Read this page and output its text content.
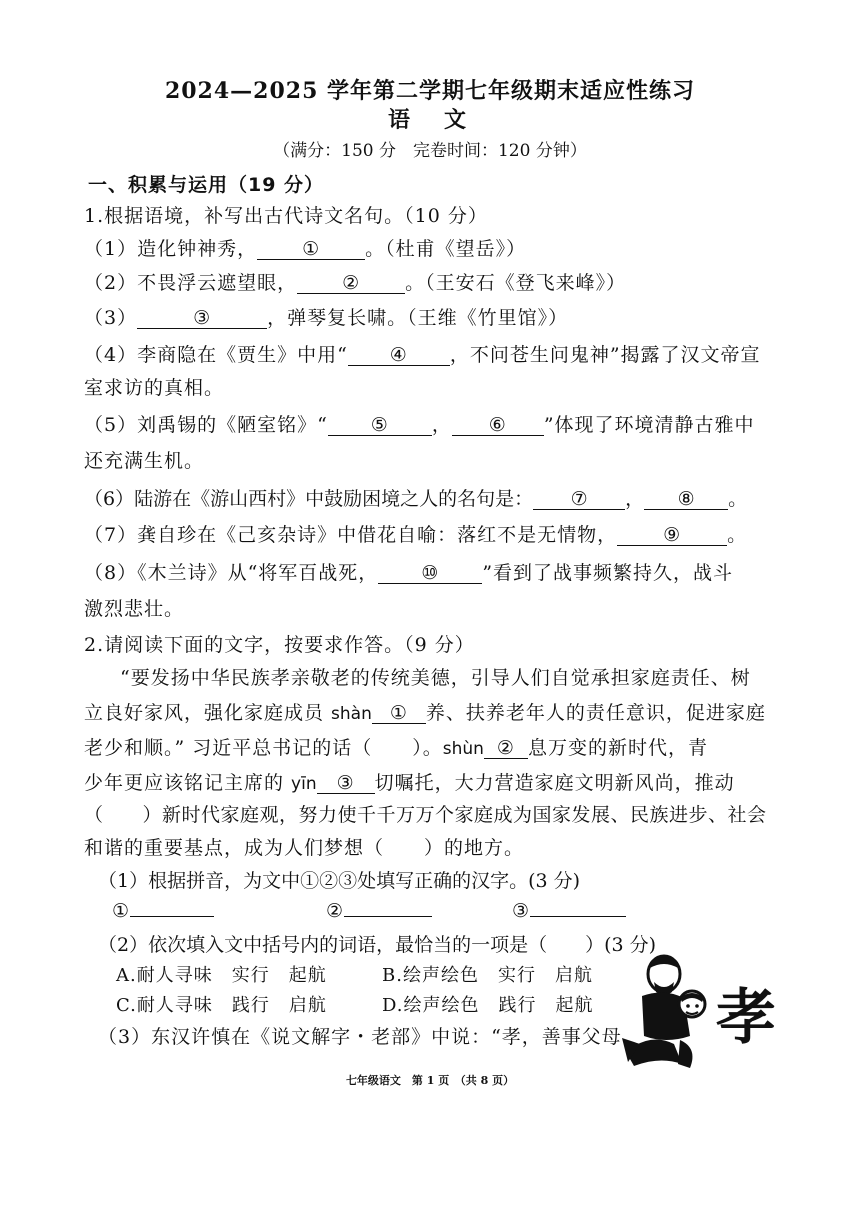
2024—2025 学年第二学期七年级期末适应性练习
语　文
（满分：150 分　完卷时间：120 分钟）
一、积累与运用（19 分）
1.根据语境，补写出古代诗文名句。（10 分）
（1）造化钟神秀， ① 。（杜甫《望岳》）
（2）不畏浮云遮望眼， ② 。（王安石《登飞来峰》）
（3）	③	，弹琴复长啸。（王维《竹里馆》）
（4）李商隐在《贾生》中用“ ④ ，不问苍生问鬼神”揭露了汉文帝宣
室求访的真相。
（5）刘禹锡的《陋室铭》“ ⑤ ， ⑥ ”体现了环境清静古雅中
还充满生机。
（6）陆游在《游山西村》中鼓励困境之人的名句是： ⑦ ， ⑧ 。
（7）龚自珍在《己亥杂诗》中借花自喻：落红不是无情物， ⑨ 。
（8）《木兰诗》从“将军百战死， ⑩ ”看到了战事频繁持久，战斗
激烈悲壮。
2.请阅读下面的文字，按要求作答。（9 分）
“要发扬中华民族孝亲敬老的传统美德，引导人们自觉承担家庭责任、树
立良好家风，强化家庭成员 shàn ① 养、扶养老年人的责任意识，促进家庭
老少和顺。” 习近平总书记的话（　　）。shùn ② 息万变的新时代，青
少年更应该铭记主席的 yīn ③ 切嘱托，大力营造家庭文明新风尚，推动
（　　）新时代家庭观，努力使千千万万个家庭成为国家发展、民族进步、社会
和谐的重要基点，成为人们梦想（　　）的地方。
（1）根据拼音，为文中①②③处填写正确的汉字。(3 分)
①	②	③
（2）依次填入文中括号内的词语，最恰当的一项是（　　）(3 分)
A.耐人寻味　实行　起航	B.绘声绘色　实行　启航
C.耐人寻味　践行　启航	D.绘声绘色　践行　起航
（3）东汉许慎在《说文解字・老部》中说：“孝，善事父母 孝
七年级语文　第 1 页　（共 8 页）
